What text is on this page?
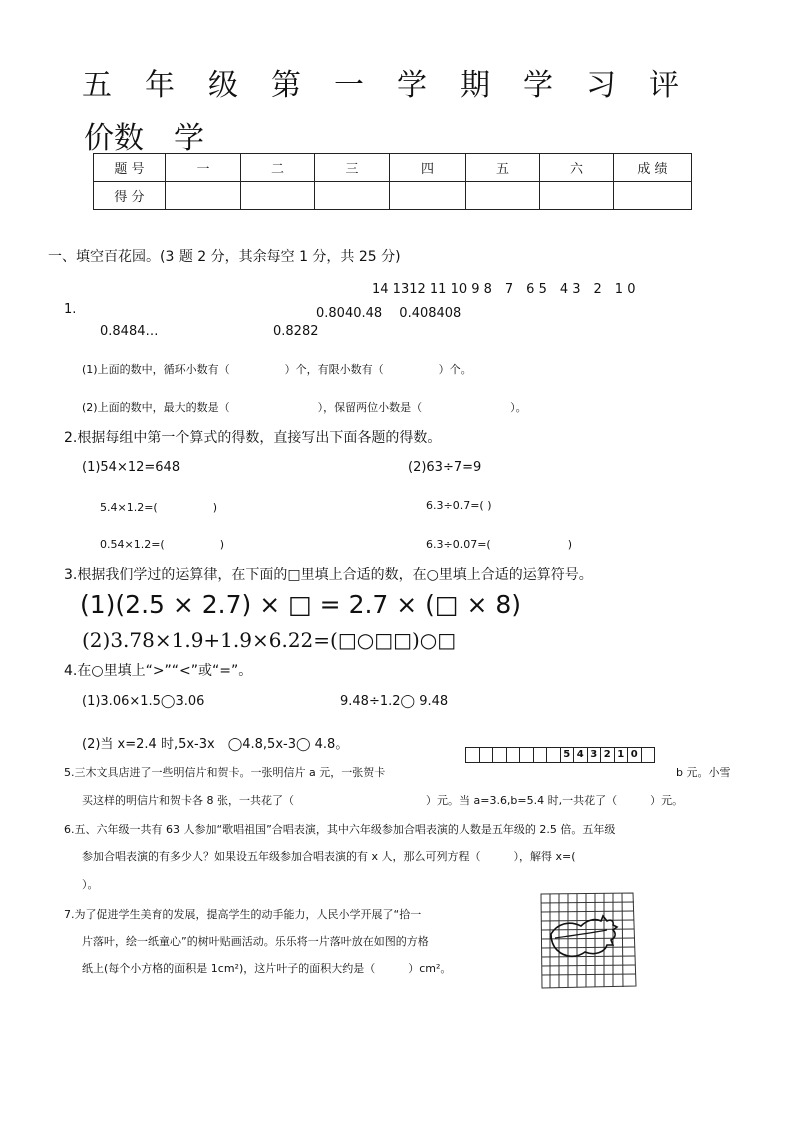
五 年 级 第 一 学 期 学 习 评
价数　学
题 号	一	二	三	四	五	六	成 绩
得 分							
一、填空百花园。(3 题 2 分，其余每空 1 分，共 25 分)
14 1312 11 10 9 8　7　6 5　4 3　2　1 0
1.	0.8040.48　 0.408408
0.8484…	0.8282
(1)上面的数中，循环小数有（　　　　　）个，有限小数有（　　　　　）个。
(2)上面的数中，最大的数是（　　　　　　　　），保留两位小数是（　　　　　　　　）。
2.根据每组中第一个算式的得数，直接写出下面各题的得数。
(1)54×12=648	(2)63÷7=9
5.4×1.2=(　　　　　)	6.3÷0.7=( )
0.54×1.2=(　　　　　)	6.3÷0.07=(　　　　　　　)
3.根据我们学过的运算律，在下面的□里填上合适的数，在○里填上合适的运算符号。
(1)(2.5 × 2.7) × □ = 2.7 × (□ × 8)
(2)3.78×1.9+1.9×6.22=(□○□□)○□
4.在○里填上“>”“<”或“=”。
(1)3.06×1.5◯3.06	9.48÷1.2◯ 9.48
(2)当 x=2.4 时,5x-3x　◯4.8,5x-3◯ 4.8。
5 4 3 2 1 0
5.三木文具店进了一些明信片和贺卡。一张明信片 a 元，一张贺卡	b 元。小雪
买这样的明信片和贺卡各 8 张，一共花了（　　　　　　　　　　　　）元。当 a=3.6,b=5.4 时,一共花了（　　　）元。
6.五、六年级一共有 63 人参加“歌唱祖国”合唱表演，其中六年级参加合唱表演的人数是五年级的 2.5 倍。五年级
参加合唱表演的有多少人？如果设五年级参加合唱表演的有 x 人，那么可列方程（　　　），解得 x=(
）。
7.为了促进学生美育的发展，提高学生的动手能力，人民小学开展了“拾一
片落叶，绘一纸童心”的树叶贴画活动。乐乐将一片落叶放在如图的方格
纸上(每个小方格的面积是 1cm²)，这片叶子的面积大约是（　　　）cm²。
